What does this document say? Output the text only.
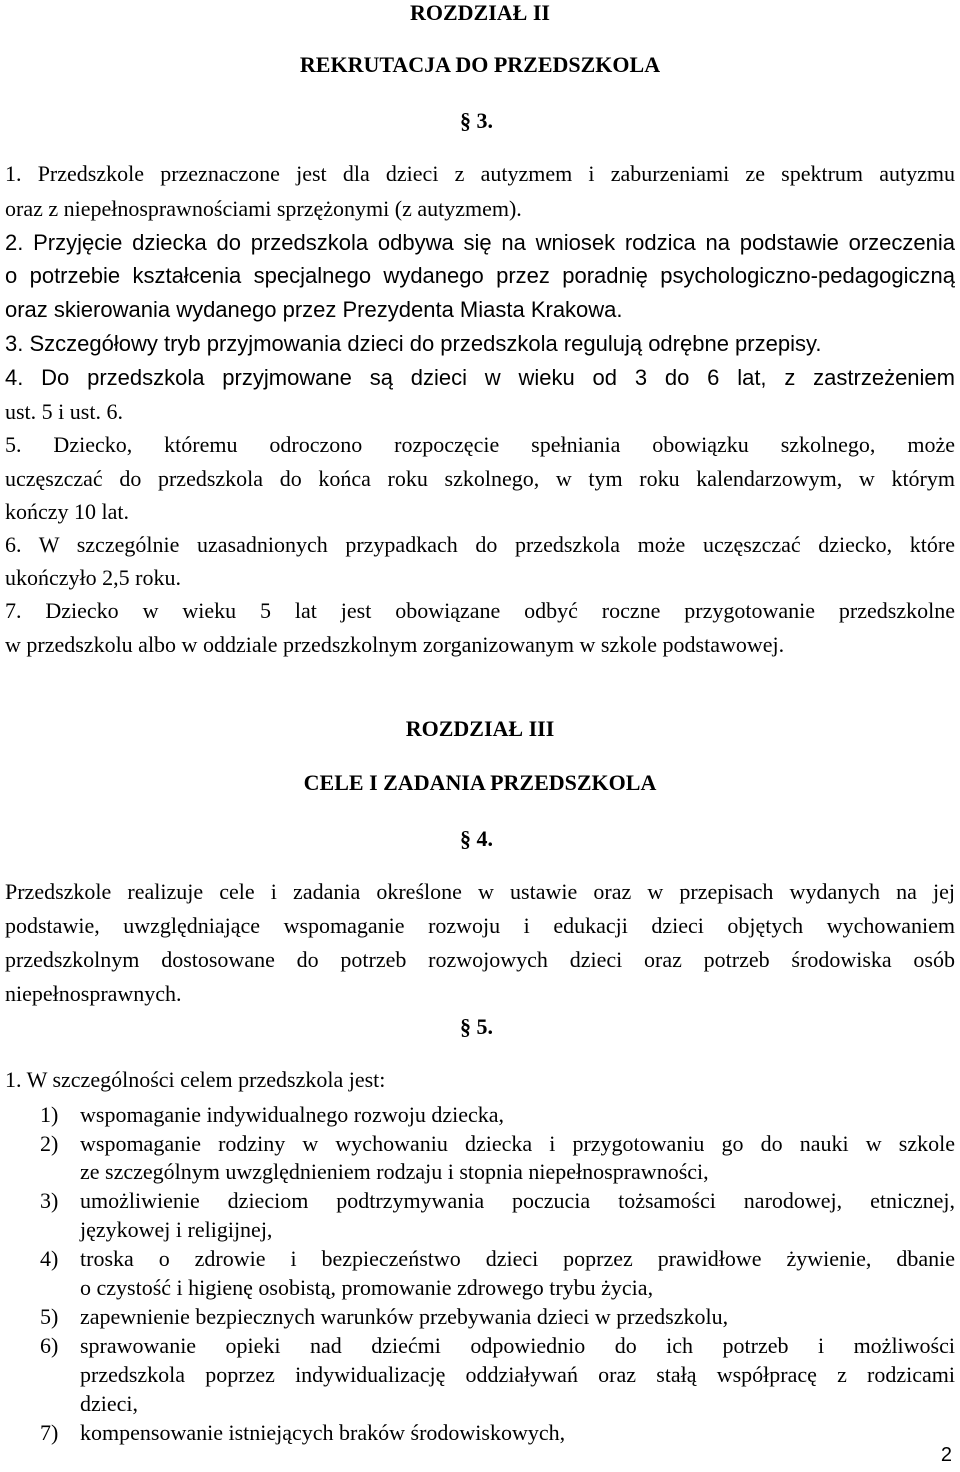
ROZDZIAŁ II
REKRUTACJA DO PRZEDSZKOLA
§ 3.
1. Przedszkole przeznaczone jest dla dzieci z autyzmem i zaburzeniami ze spektrum autyzmu
oraz z niepełnosprawnościami sprzężonymi (z autyzmem).
2. Przyjęcie dziecka do przedszkola odbywa się na wniosek rodzica na podstawie orzeczenia
o potrzebie kształcenia specjalnego wydanego przez poradnię psychologiczno-pedagogiczną
oraz skierowania wydanego przez Prezydenta Miasta Krakowa.
3. Szczegółowy tryb przyjmowania dzieci do przedszkola regulują odrębne przepisy.
4. Do przedszkola przyjmowane są dzieci w wieku od 3 do 6 lat, z zastrzeżeniem
ust. 5 i ust. 6.
5. Dziecko, któremu odroczono rozpoczęcie spełniania obowiązku szkolnego, może
uczęszczać do przedszkola do końca roku szkolnego, w tym roku kalendarzowym, w którym
kończy 10 lat.
6. W szczególnie uzasadnionych przypadkach do przedszkola może uczęszczać dziecko, które
ukończyło 2,5 roku.
7. Dziecko w wieku 5 lat jest obowiązane odbyć roczne przygotowanie przedszkolne
w przedszkolu albo w oddziale przedszkolnym zorganizowanym w szkole podstawowej.
ROZDZIAŁ III
CELE I ZADANIA PRZEDSZKOLA
§ 4.
Przedszkole realizuje cele i zadania określone w ustawie oraz w przepisach wydanych na jej
podstawie, uwzględniające wspomaganie rozwoju i edukacji dzieci objętych wychowaniem
przedszkolnym dostosowane do potrzeb rozwojowych dzieci oraz potrzeb środowiska osób
niepełnosprawnych.
§ 5.
1. W szczególności celem przedszkola jest:
1) wspomaganie indywidualnego rozwoju dziecka,
2) wspomaganie rodziny w wychowaniu dziecka i przygotowaniu go do nauki w szkole
ze szczególnym uwzględnieniem rodzaju i stopnia niepełnosprawności,
3) umożliwienie dzieciom podtrzymywania poczucia tożsamości narodowej, etnicznej,
językowej i religijnej,
4) troska o zdrowie i bezpieczeństwo dzieci poprzez prawidłowe żywienie, dbanie
o czystość i higienę osobistą, promowanie zdrowego trybu życia,
5) zapewnienie bezpiecznych warunków przebywania dzieci w przedszkolu,
6) sprawowanie opieki nad dziećmi odpowiednio do ich potrzeb i możliwości
przedszkola poprzez indywidualizację oddziaływań oraz stałą współpracę z rodzicami
dzieci,
7) kompensowanie istniejących braków środowiskowych,
2
